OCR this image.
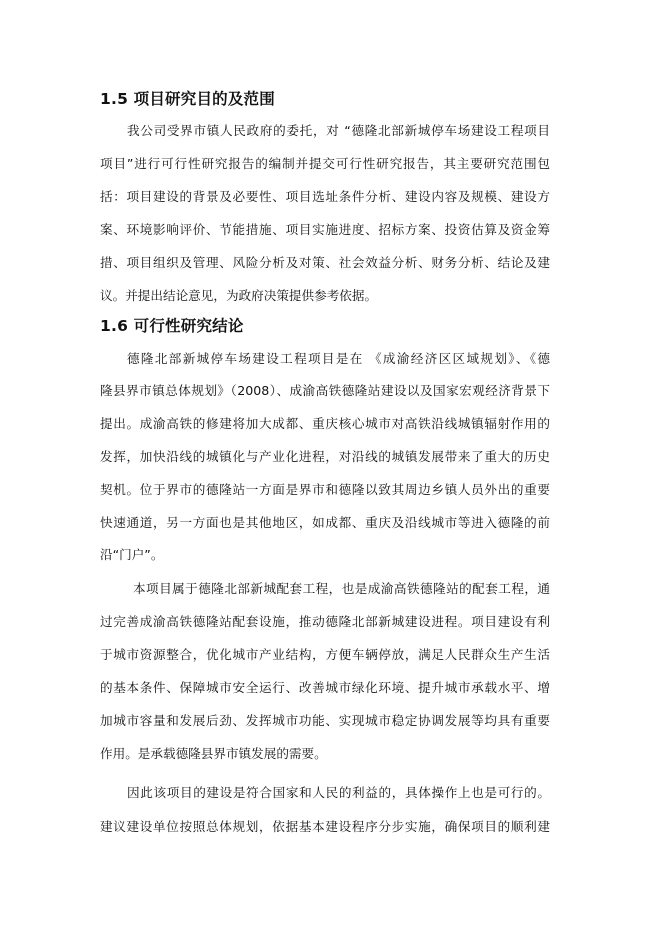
1.5 项目研究目的及范围
我公司受界市镇人民政府的委托，对 “德隆北部新城停车场建设工程项目
项目”进行可行性研究报告的编制并提交可行性研究报告，其主要研究范围包
括：项目建设的背景及必要性、项目选址条件分析、建设内容及规模、建设方
案、环境影响评价、节能措施、项目实施进度、招标方案、投资估算及资金筹
措、项目组织及管理、风险分析及对策、社会效益分析、财务分析、结论及建
议。并提出结论意见，为政府决策提供参考依据。
1.6 可行性研究结论
德隆北部新城停车场建设工程项目是在 《成渝经济区区域规划》、《德
隆县界市镇总体规划》（2008）、成渝高铁德隆站建设以及国家宏观经济背景下
提出。成渝高铁的修建将加大成都、重庆核心城市对高铁沿线城镇辐射作用的
发挥，加快沿线的城镇化与产业化进程，对沿线的城镇发展带来了重大的历史
契机。位于界市的德隆站一方面是界市和德隆以致其周边乡镇人员外出的重要
快速通道，另一方面也是其他地区，如成都、重庆及沿线城市等进入德隆的前
沿“门户”。
本项目属于德隆北部新城配套工程，也是成渝高铁德隆站的配套工程，通
过完善成渝高铁德隆站配套设施，推动德隆北部新城建设进程。项目建设有利
于城市资源整合，优化城市产业结构，方便车辆停放，满足人民群众生产生活
的基本条件、保障城市安全运行、改善城市绿化环境、提升城市承载水平、增
加城市容量和发展后劲、发挥城市功能、实现城市稳定协调发展等均具有重要
作用。是承载德隆县界市镇发展的需要。
因此该项目的建设是符合国家和人民的利益的，具体操作上也是可行的。
建议建设单位按照总体规划，依据基本建设程序分步实施，确保项目的顺利建
